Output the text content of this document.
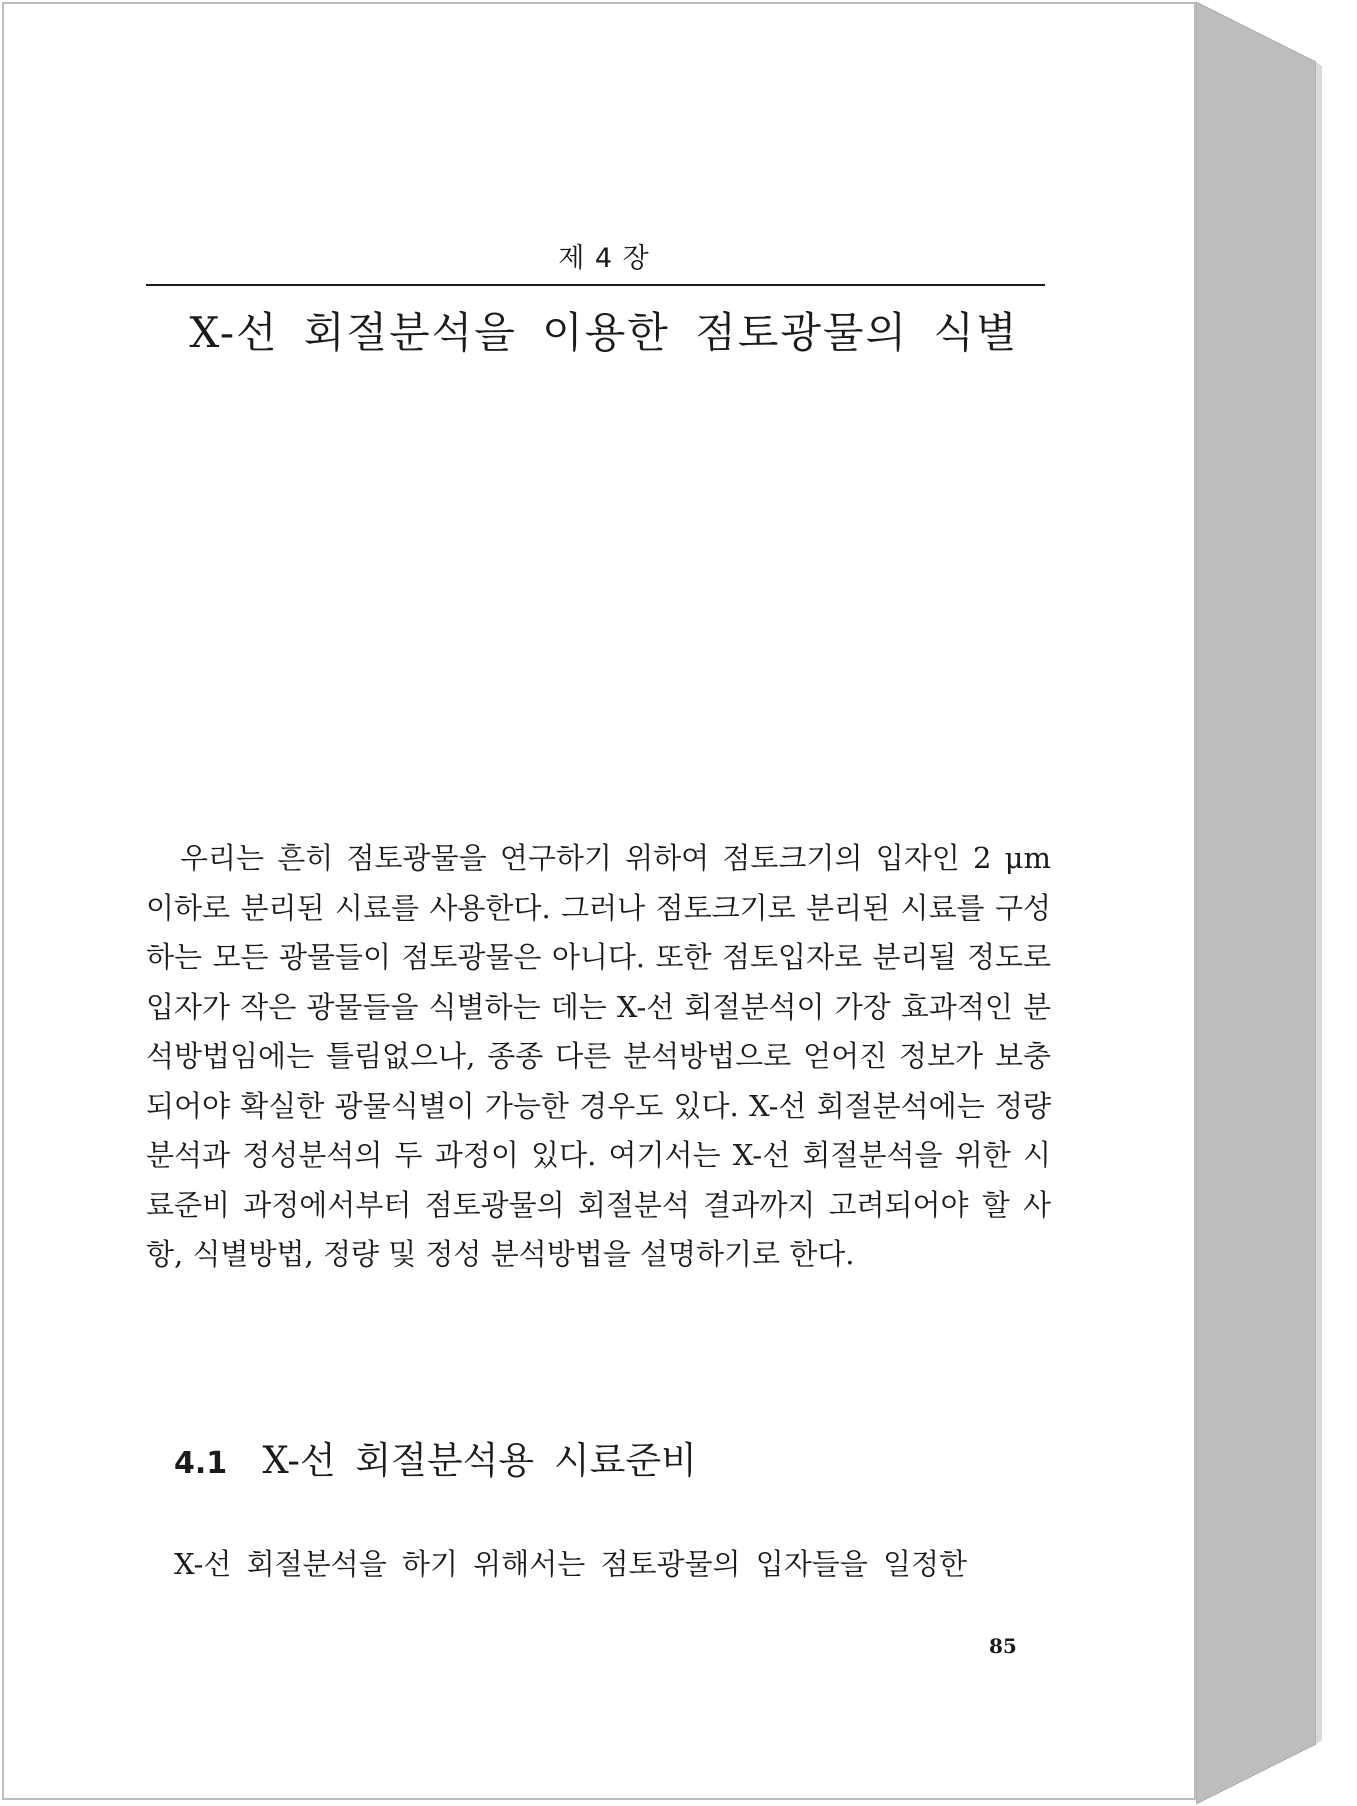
제 4 장
X-선 회절분석을 이용한 점토광물의 식별

우리는 흔히 점토광물을 연구하기 위하여 점토크기의 입자인 2 μm 이하로 분리된 시료를 사용한다. 그러나 점토크기로 분리된 시료를 구성하는 모든 광물들이 점토광물은 아니다. 또한 점토입자로 분리될 정도로 입자가 작은 광물들을 식별하는 데는 X-선 회절분석이 가장 효과적인 분석방법임에는 틀림없으나, 종종 다른 분석방법으로 얻어진 정보가 보충되어야 확실한 광물식별이 가능한 경우도 있다. X-선 회절분석에는 정량분석과 정성분석의 두 과정이 있다. 여기서는 X-선 회절분석을 위한 시료준비 과정에서부터 점토광물의 회절분석 결과까지 고려되어야 할 사항, 식별방법, 정량 및 정성 분석방법을 설명하기로 한다.

4.1 X-선 회절분석용 시료준비

X-선 회절분석을 하기 위해서는 점토광물의 입자들을 일정한

85
